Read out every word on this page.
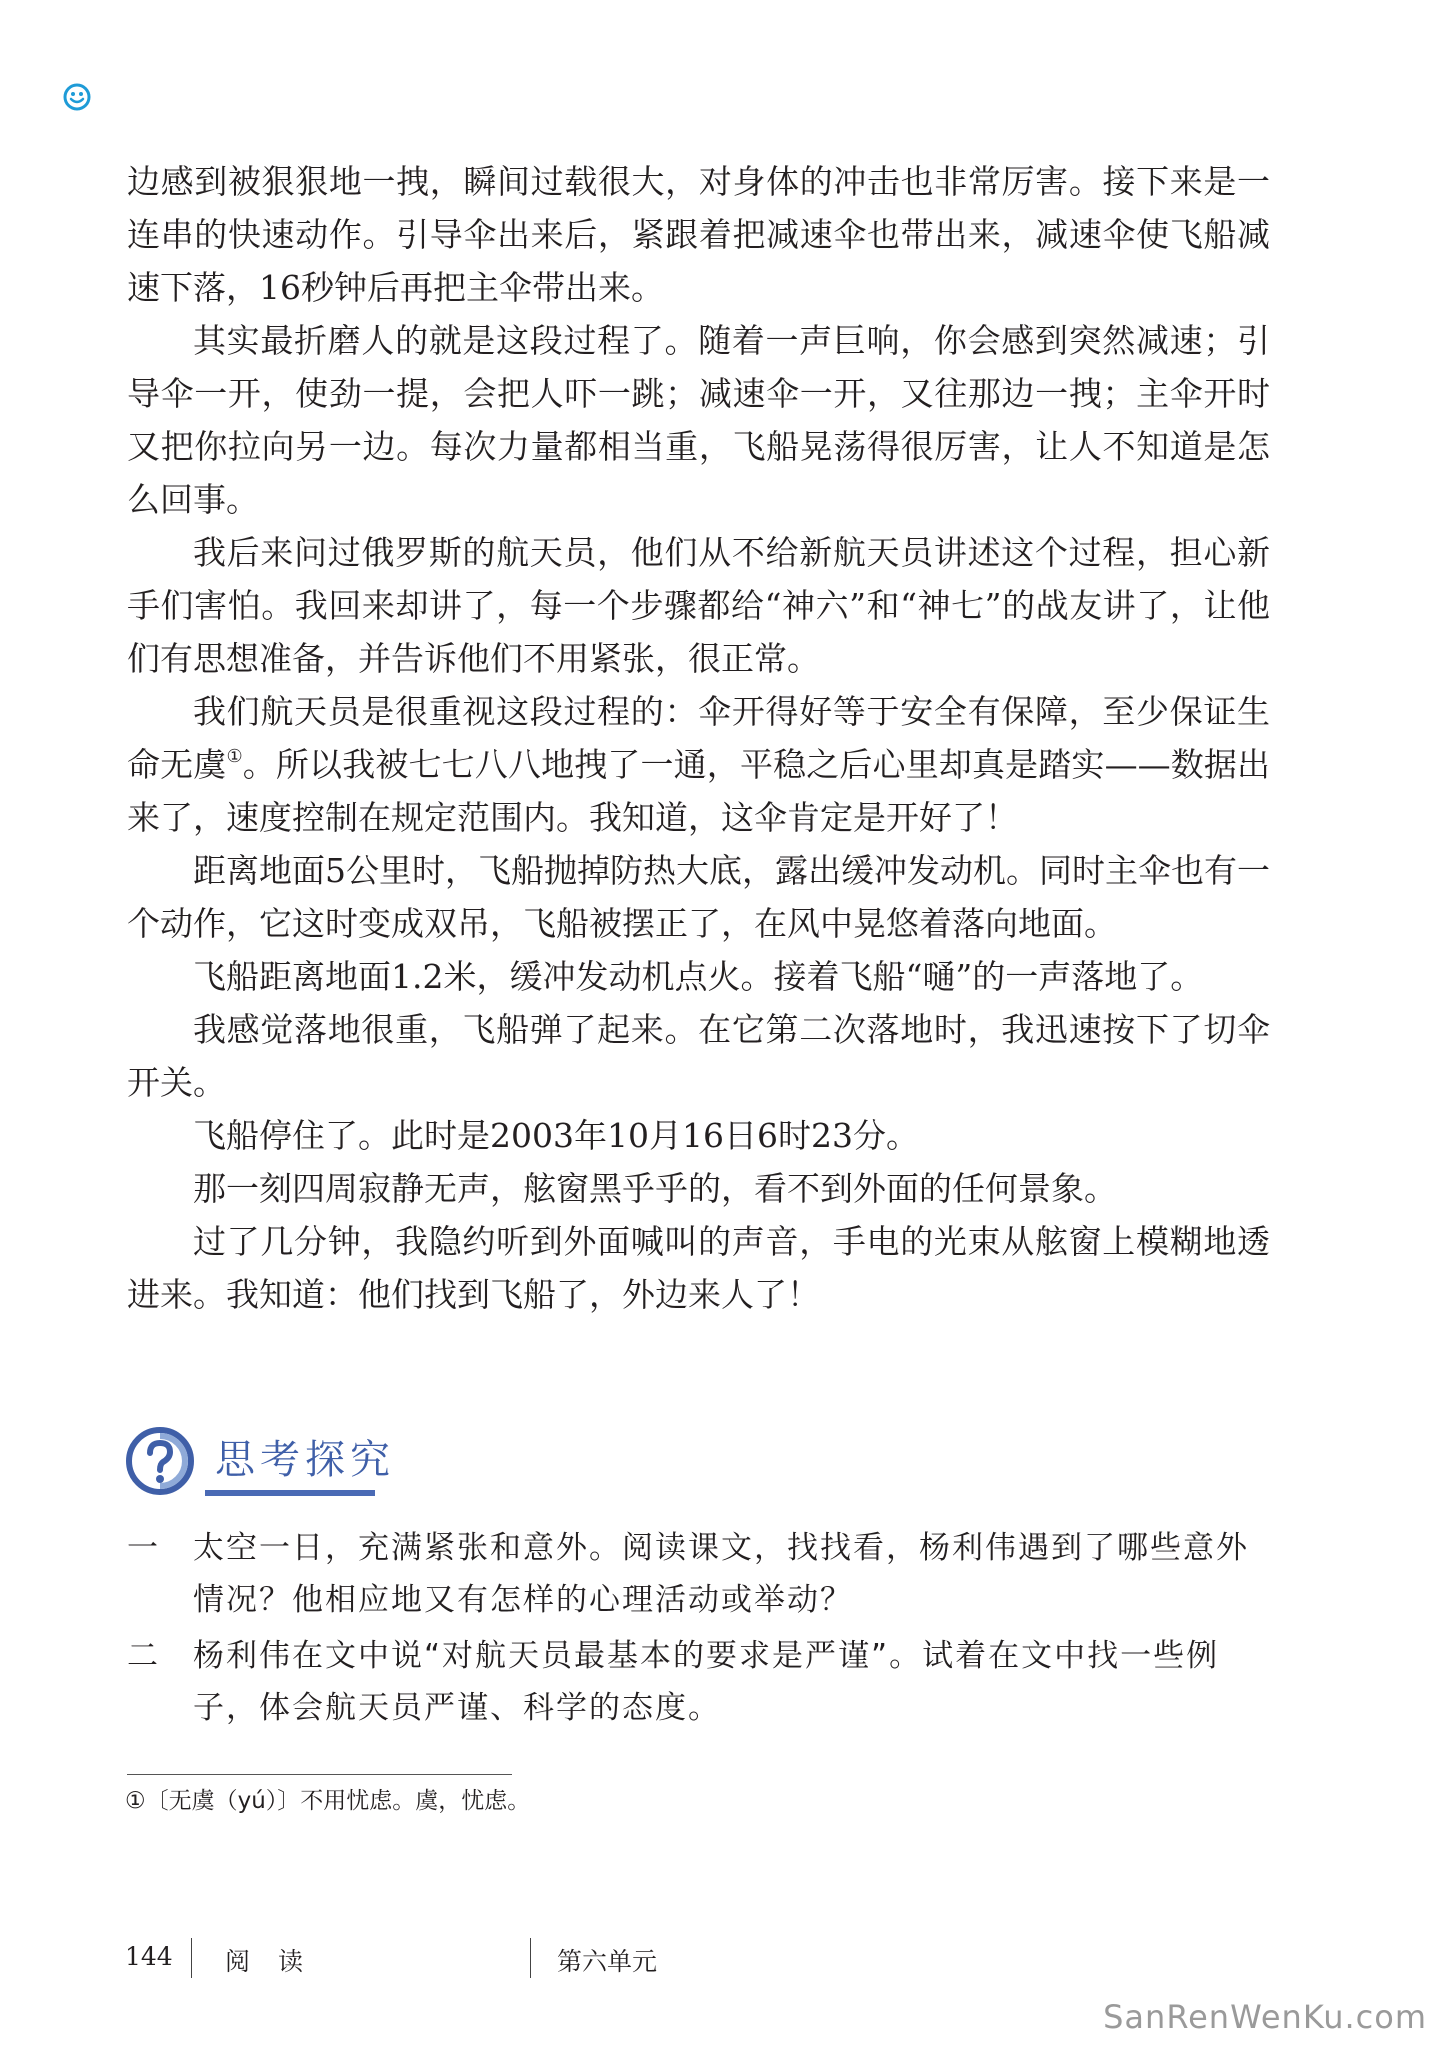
边感到被狠狠地一拽，瞬间过载很大，对身体的冲击也非常厉害。接下来是一连串的快速动作。引导伞出来后，紧跟着把减速伞也带出来，减速伞使飞船减速下落，16秒钟后再把主伞带出来。

其实最折磨人的就是这段过程了。随着一声巨响，你会感到突然减速；引导伞一开，使劲一提，会把人吓一跳；减速伞一开，又往那边一拽；主伞开时又把你拉向另一边。每次力量都相当重，飞船晃荡得很厉害，让人不知道是怎么回事。

我后来问过俄罗斯的航天员，他们从不给新航天员讲述这个过程，担心新手们害怕。我回来却讲了，每一个步骤都给“神六”和“神七”的战友讲了，让他们有思想准备，并告诉他们不用紧张，很正常。

我们航天员是很重视这段过程的：伞开得好等于安全有保障，至少保证生命无虞①。所以我被七七八八地拽了一通，平稳之后心里却真是踏实——数据出来了，速度控制在规定范围内。我知道，这伞肯定是开好了！

距离地面5公里时，飞船抛掉防热大底，露出缓冲发动机。同时主伞也有一个动作，它这时变成双吊，飞船被摆正了，在风中晃悠着落向地面。

飞船距离地面1.2米，缓冲发动机点火。接着飞船“嗵”的一声落地了。

我感觉落地很重，飞船弹了起来。在它第二次落地时，我迅速按下了切伞开关。

飞船停住了。此时是2003年10月16日6时23分。

那一刻四周寂静无声，舷窗黑乎乎的，看不到外面的任何景象。

过了几分钟，我隐约听到外面喊叫的声音，手电的光束从舷窗上模糊地透进来。我知道：他们找到飞船了，外边来人了！

思考探究
一 太空一日，充满紧张和意外。阅读课文，找找看，杨利伟遇到了哪些意外情况？他相应地又有怎样的心理活动或举动？
二 杨利伟在文中说“对航天员最基本的要求是严谨”。试着在文中找一些例子，体会航天员严谨、科学的态度。
①〔无虞（yú）〕不用忧虑。虞，忧虑。
144 阅 读	第六单元
SanRenWenKu.com
